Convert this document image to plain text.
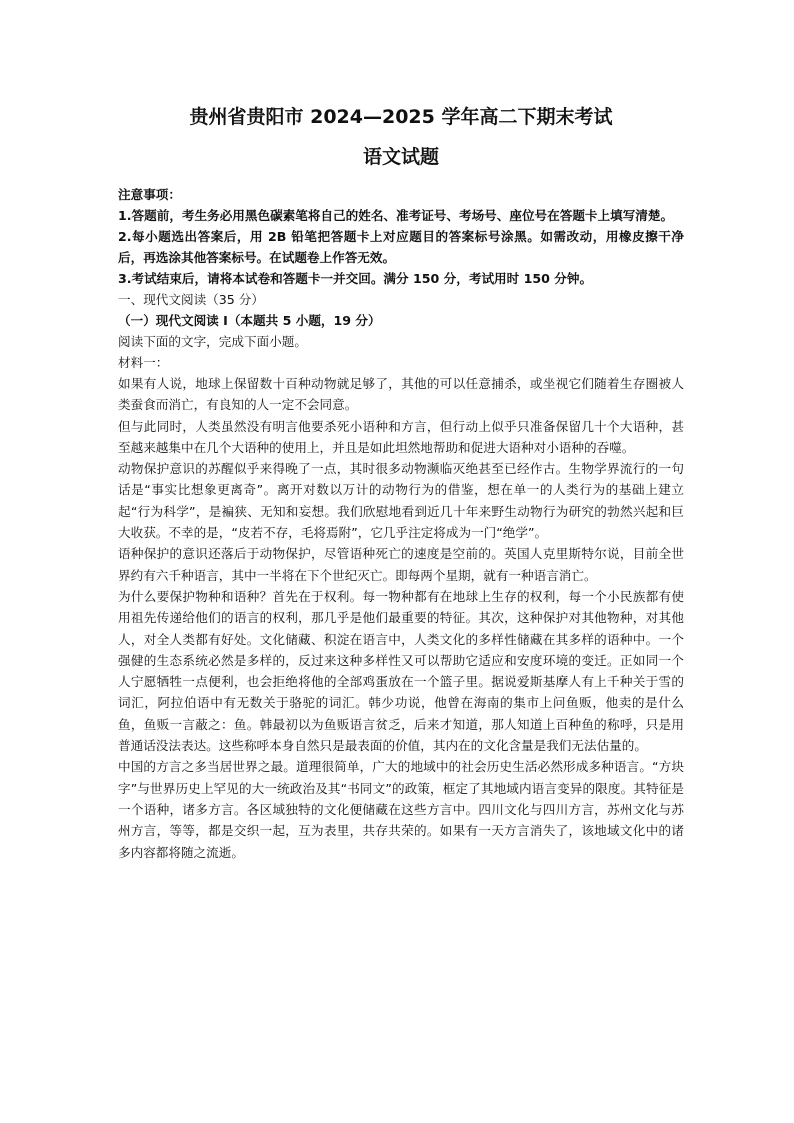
贵州省贵阳市 2024—2025 学年高二下期末考试
语文试题
注意事项：
1.答题前，考生务必用黑色碳素笔将自己的姓名、准考证号、考场号、座位号在答题卡上填写清楚。
2.每小题选出答案后，用 2B 铅笔把答题卡上对应题目的答案标号涂黑。如需改动，用橡皮擦干净后，再选涂其他答案标号。在试题卷上作答无效。
3.考试结束后，请将本试卷和答题卡一并交回。满分 150 分，考试用时 150 分钟。
一、现代文阅读（35 分）
（一）现代文阅读 I（本题共 5 小题，19 分）
阅读下面的文字，完成下面小题。
材料一：

如果有人说，地球上保留数十百种动物就足够了，其他的可以任意捕杀，或坐视它们随着生存圈被人类蚕食而消亡，有良知的人一定不会同意。

但与此同时，人类虽然没有明言他要杀死小语种和方言，但行动上似乎只准备保留几十个大语种，甚至越来越集中在几个大语种的使用上，并且是如此坦然地帮助和促进大语种对小语种的吞噬。

动物保护意识的苏醒似乎来得晚了一点，其时很多动物濒临灭绝甚至已经作古。生物学界流行的一句话是“事实比想象更离奇”。离开对数以万计的动物行为的借鉴，想在单一的人类行为的基础上建立起“行为科学”，是褊狭、无知和妄想。我们欣慰地看到近几十年来野生动物行为研究的勃然兴起和巨大收获。不幸的是，“皮若不存，毛将焉附”，它几乎注定将成为一门“绝学”。

语种保护的意识还落后于动物保护，尽管语种死亡的速度是空前的。英国人克里斯特尔说，目前全世界约有六千种语言，其中一半将在下个世纪灭亡。即每两个星期，就有一种语言消亡。

为什么要保护物种和语种？首先在于权利。每一物种都有在地球上生存的权利，每一个小民族都有使用祖先传递给他们的语言的权利，那几乎是他们最重要的特征。其次，这种保护对其他物种，对其他人，对全人类都有好处。文化储藏、积淀在语言中，人类文化的多样性储藏在其多样的语种中。一个强健的生态系统必然是多样的，反过来这种多样性又可以帮助它适应和安度环境的变迁。正如同一个人宁愿牺牲一点便利，也会拒绝将他的全部鸡蛋放在一个篮子里。据说爱斯基摩人有上千种关于雪的词汇，阿拉伯语中有无数关于骆驼的词汇。韩少功说，他曾在海南的集市上问鱼贩，他卖的是什么鱼，鱼贩一言蔽之：鱼。韩最初以为鱼贩语言贫乏，后来才知道，那人知道上百种鱼的称呼，只是用普通话没法表达。这些称呼本身自然只是最表面的价值，其内在的文化含量是我们无法估量的。

中国的方言之多当居世界之最。道理很简单，广大的地域中的社会历史生活必然形成多种语言。“方块字”与世界历史上罕见的大一统政治及其“书同文”的政策，框定了其地域内语言变异的限度。其特征是一个语种，诸多方言。各区域独特的文化便储藏在这些方言中。四川文化与四川方言，苏州文化与苏州方言，等等，都是交织一起，互为表里，共存共荣的。如果有一天方言消失了，该地域文化中的诸多内容都将随之流逝。
